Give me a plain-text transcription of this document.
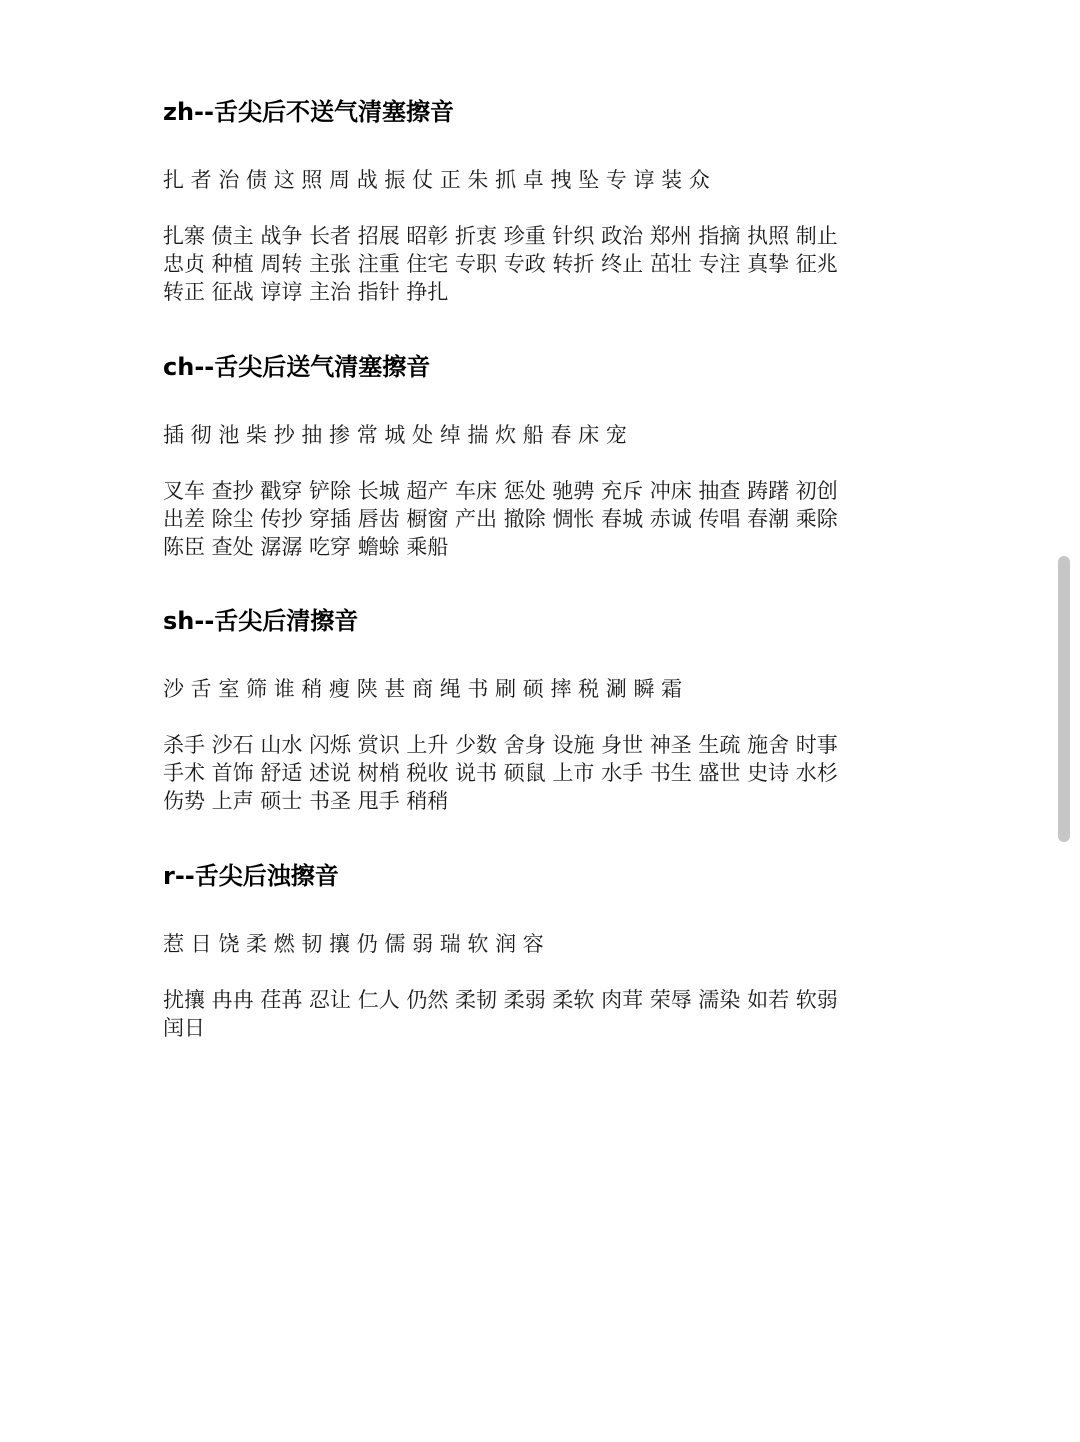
zh--舌尖后不送气清塞擦音

扎 者 治 债 这 照 周 战 振 仗 正 朱 抓 卓 拽 坠 专 谆 装 众

扎寨 债主 战争 长者 招展 昭彰 折衷 珍重 针织 政治 郑州 指摘 执照 制止
忠贞 种植 周转 主张 注重 住宅 专职 专政 转折 终止 茁壮 专注 真挚 征兆
转正 征战 谆谆 主治 指针 挣扎
ch--舌尖后送气清塞擦音

插 彻 池 柴 抄 抽 掺 常 城 处 绰 揣 炊 船 春 床 宠

叉车 查抄 戳穿 铲除 长城 超产 车床 惩处 驰骋 充斥 冲床 抽查 踌躇 初创
出差 除尘 传抄 穿插 唇齿 橱窗 产出 撤除 惆怅 春城 赤诚 传唱 春潮 乘除
陈臣 查处 潺潺 吃穿 蟾蜍 乘船
sh--舌尖后清擦音

沙 舌 室 筛 谁 稍 瘦 陕 甚 商 绳 书 刷 硕 摔 税 涮 瞬 霜

杀手 沙石 山水 闪烁 赏识 上升 少数 舍身 设施 身世 神圣 生疏 施舍 时事
手术 首饰 舒适 述说 树梢 税收 说书 硕鼠 上市 水手 书生 盛世 史诗 水杉
伤势 上声 硕士 书圣 甩手 稍稍
r--舌尖后浊擦音

惹 日 饶 柔 燃 韧 攘 仍 儒 弱 瑞 软 润 容

扰攘 冉冉 荏苒 忍让 仁人 仍然 柔韧 柔弱 柔软 肉茸 荣辱 濡染 如若 软弱
闰日
